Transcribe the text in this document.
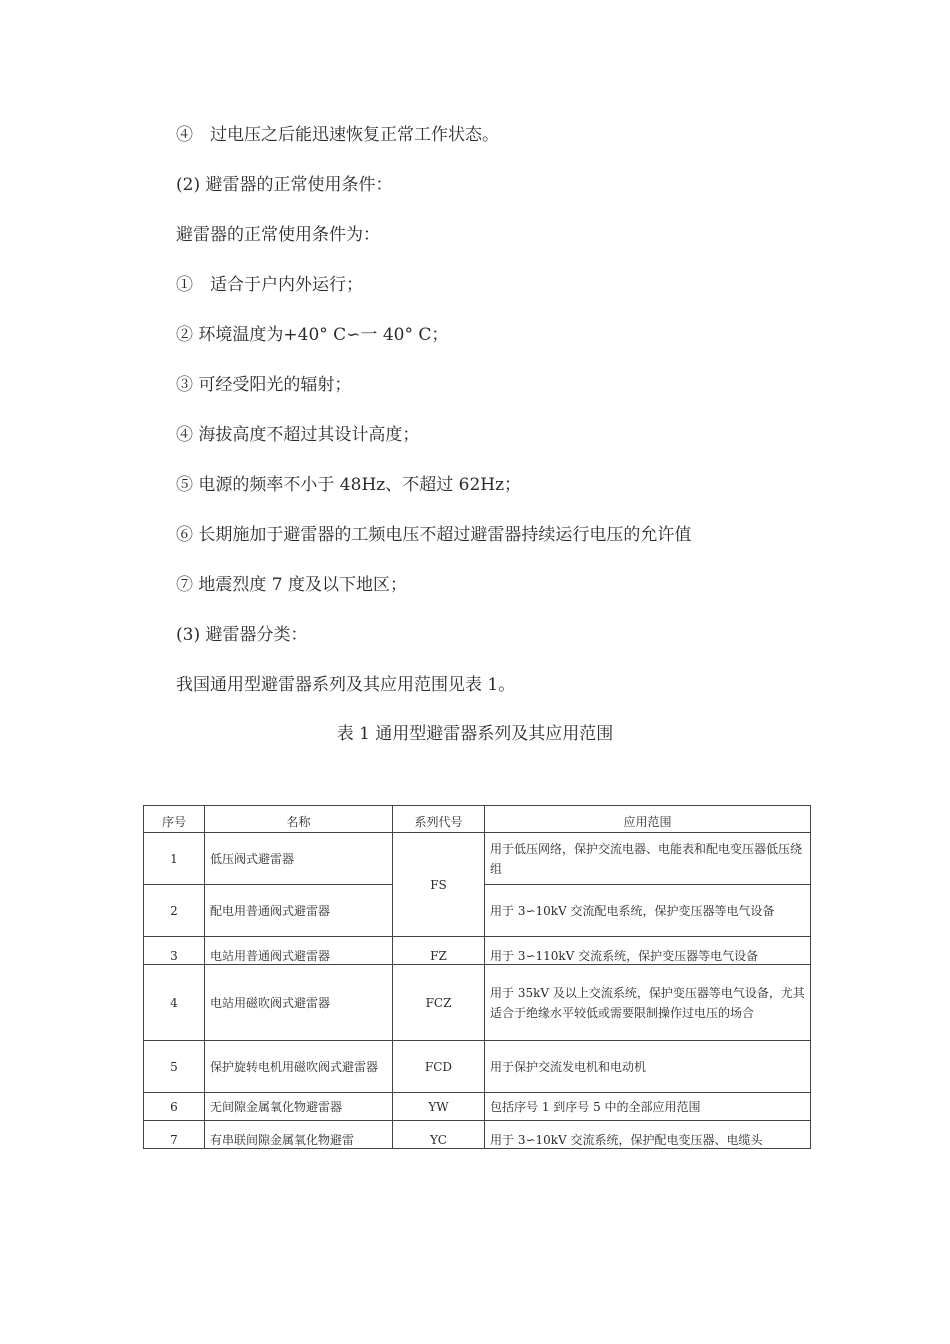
④　过电压之后能迅速恢复正常工作状态。
(2) 避雷器的正常使用条件：
避雷器的正常使用条件为：
①　适合于户内外运行；
② 环境温度为+40° C∽一 40° C；
③ 可经受阳光的辐射；
④ 海拔高度不超过其设计高度；
⑤ 电源的频率不小于 48Hz、不超过 62Hz；
⑥ 长期施加于避雷器的工频电压不超过避雷器持续运行电压的允许值
⑦ 地震烈度 7 度及以下地区；
(3) 避雷器分类：
我国通用型避雷器系列及其应用范围见表 1。
表 1 通用型避雷器系列及其应用范围
序号	名称	系列代号	应用范围
1	低压阀式避雷器	FS	用于低压网络，保护交流电器、电能表和配电变压器低压绕组
2	配电用普通阀式避雷器		用于 3∽10kV 交流配电系统，保护变压器等电气设备
3	电站用普通阀式避雷器	FZ	用于 3∽110kV 交流系统，保护变压器等电气设备
4	电站用磁吹阀式避雷器	FCZ	用于 35kV 及以上交流系统，保护变压器等电气设备，尤其适合于绝缘水平较低或需要限制操作过电压的场合
5	保护旋转电机用磁吹阀式避雷器	FCD	用于保护交流发电机和电动机
6	无间隙金属氧化物避雷器	YW	包括序号 1 到序号 5 中的全部应用范围
7	有串联间隙金属氧化物避雷	YC	用于 3∽10kV 交流系统，保护配电变压器、电缆头
